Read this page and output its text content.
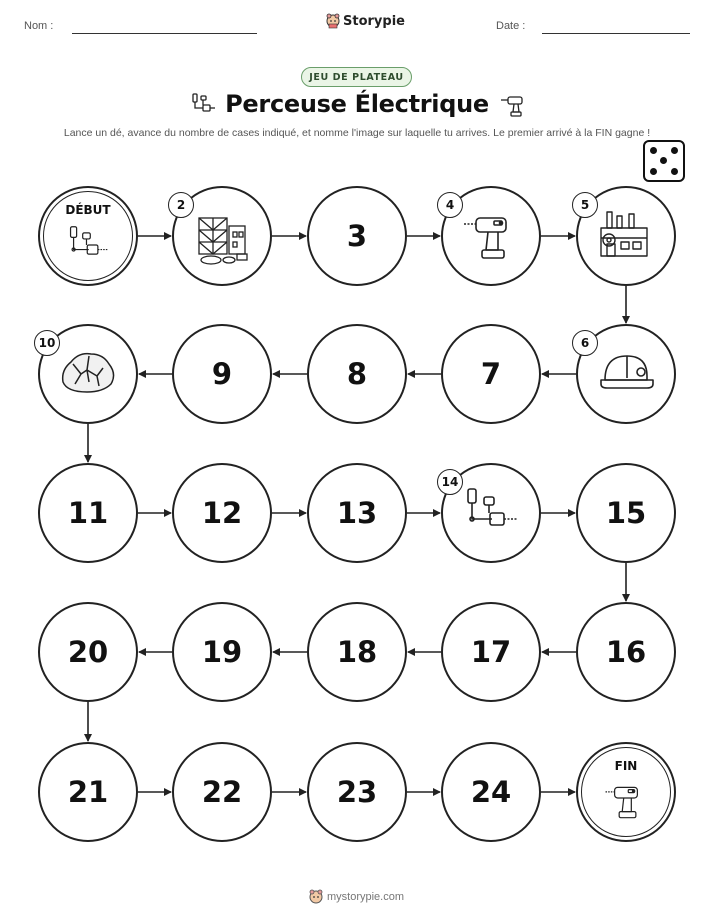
Nom :	Storypie	Date :
JEU DE PLATEAU
Perceuse Électrique
Lance un dé, avance du nombre de cases indiqué, et nomme l'image sur laquelle tu arrives. Le premier arrivé à la FIN gagne !
DÉBUT	2
3
4	5
6
7
8
9
10
11	12	13
14
15
16
17
18
19
20
21	22	23	24
FIN
mystorypie.com
